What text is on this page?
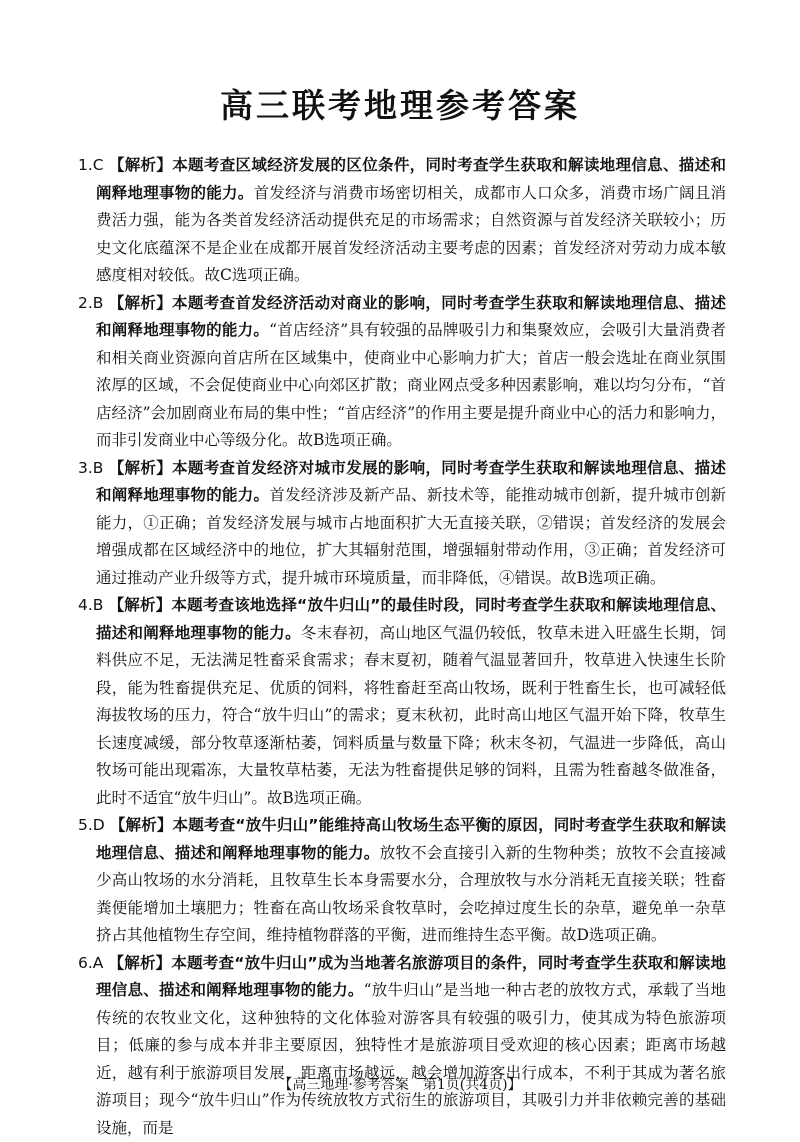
高三联考地理参考答案

1.C 【解析】本题考查区域经济发展的区位条件，同时考查学生获取和解读地理信息、描述和阐释地理事物的能力。首发经济与消费市场密切相关，成都市人口众多，消费市场广阔且消费活力强，能为各类首发经济活动提供充足的市场需求；自然资源与首发经济关联较小；历史文化底蕴深不是企业在成都开展首发经济活动主要考虑的因素；首发经济对劳动力成本敏感度相对较低。故C选项正确。

2.B 【解析】本题考查首发经济活动对商业的影响，同时考查学生获取和解读地理信息、描述和阐释地理事物的能力。“首店经济”具有较强的品牌吸引力和集聚效应，会吸引大量消费者和相关商业资源向首店所在区域集中，使商业中心影响力扩大；首店一般会选址在商业氛围浓厚的区域，不会促使商业中心向郊区扩散；商业网点受多种因素影响，难以均匀分布，“首店经济”会加剧商业布局的集中性；“首店经济”的作用主要是提升商业中心的活力和影响力，而非引发商业中心等级分化。故B选项正确。

3.B 【解析】本题考查首发经济对城市发展的影响，同时考查学生获取和解读地理信息、描述和阐释地理事物的能力。首发经济涉及新产品、新技术等，能推动城市创新，提升城市创新能力，①正确；首发经济发展与城市占地面积扩大无直接关联，②错误；首发经济的发展会增强成都在区域经济中的地位，扩大其辐射范围，增强辐射带动作用，③正确；首发经济可通过推动产业升级等方式，提升城市环境质量，而非降低，④错误。故B选项正确。

4.B 【解析】本题考查该地选择“放牛归山”的最佳时段，同时考查学生获取和解读地理信息、描述和阐释地理事物的能力。冬末春初，高山地区气温仍较低，牧草未进入旺盛生长期，饲料供应不足，无法满足牲畜采食需求；春末夏初，随着气温显著回升，牧草进入快速生长阶段，能为牲畜提供充足、优质的饲料，将牲畜赶至高山牧场，既利于牲畜生长，也可减轻低海拔牧场的压力，符合“放牛归山”的需求；夏末秋初，此时高山地区气温开始下降，牧草生长速度减缓，部分牧草逐渐枯萎，饲料质量与数量下降；秋末冬初，气温进一步降低，高山牧场可能出现霜冻，大量牧草枯萎，无法为牲畜提供足够的饲料，且需为牲畜越冬做准备，此时不适宜“放牛归山”。故B选项正确。

5.D 【解析】本题考查“放牛归山”能维持高山牧场生态平衡的原因，同时考查学生获取和解读地理信息、描述和阐释地理事物的能力。放牧不会直接引入新的生物种类；放牧不会直接减少高山牧场的水分消耗，且牧草生长本身需要水分，合理放牧与水分消耗无直接关联；牲畜粪便能增加土壤肥力；牲畜在高山牧场采食牧草时，会吃掉过度生长的杂草，避免单一杂草挤占其他植物生存空间，维持植物群落的平衡，进而维持生态平衡。故D选项正确。

6.A 【解析】本题考查“放牛归山”成为当地著名旅游项目的条件，同时考查学生获取和解读地理信息、描述和阐释地理事物的能力。“放牛归山”是当地一种古老的放牧方式，承载了当地传统的农牧业文化，这种独特的文化体验对游客具有较强的吸引力，使其成为特色旅游项目；低廉的参与成本并非主要原因，独特性才是旅游项目受欢迎的核心因素；距离市场越近，越有利于旅游项目发展，距离市场越远，越会增加游客出行成本，不利于其成为著名旅游项目；现今“放牛归山”作为传统放牧方式衍生的旅游项目，其吸引力并非依赖完善的基础设施，而是

【高三地理·参考答案　第1页(共4页)】
